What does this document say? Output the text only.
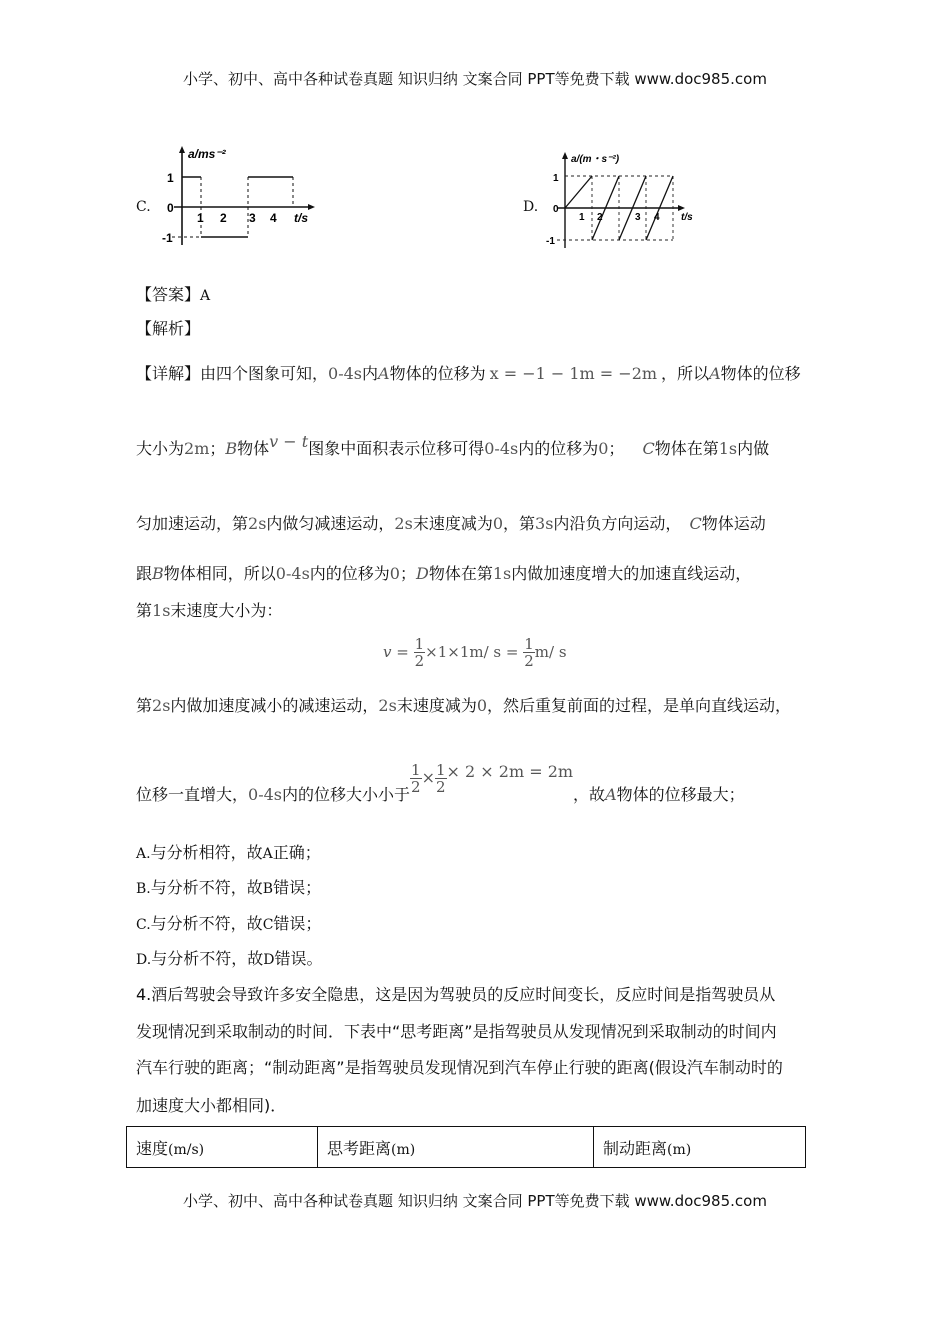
小学、初中、高中各种试卷真题 知识归纳 文案合同 PPT等免费下载 www.doc985.com
C.
a/ms⁻²
1
0
-1
1 2 3 4 t/s
D.
a/(m・s⁻²)
1
0
-1
1 2	3 4 t/s
【答案】A
【解析】
【详解】由四个图象可知，0-4s内A物体的位移为 x = −1 − 1m = −2m ，所以A物体的位移
大小为2m；B物体v − t图象中面积表示位移可得0-4s内的位移为0； C物体在第1s内做
匀加速运动，第2s内做匀减速运动，2s末速度减为0，第3s内沿负方向运动， C物体运动
跟B物体相同，所以0-4s内的位移为0；D物体在第1s内做加速度增大的加速直线运动，
第1s末速度大小为：
$v = \frac{1}{2} \times 1\times 1m/$ $s = \frac{1}{2} m/$ s
第2s内做加速度减小的减速运动，2s末速度减为0，然后重复前面的过程，是单向直线运动，
位移一直增大，0-4s内的位移大小小于 $\frac{1}{2} \times \frac{1}{2} \times 2 \times 2m = 2m$，故A物体的位移最大；
A.与分析相符，故A正确；
B.与分析不符，故B错误；
C.与分析不符，故C错误；
D.与分析不符，故D错误。
4.酒后驾驶会导致许多安全隐患，这是因为驾驶员的反应时间变长，反应时间是指驾驶员从
发现情况到采取制动的时间．下表中“思考距离”是指驾驶员从发现情况到采取制动的时间内
汽车行驶的距离；“制动距离”是指驾驶员发现情况到汽车停止行驶的距离(假设汽车制动时的
加速度大小都相同)．
速度(m/s)	思考距离(m)	制动距离(m)
小学、初中、高中各种试卷真题 知识归纳 文案合同 PPT等免费下载 www.doc985.com
